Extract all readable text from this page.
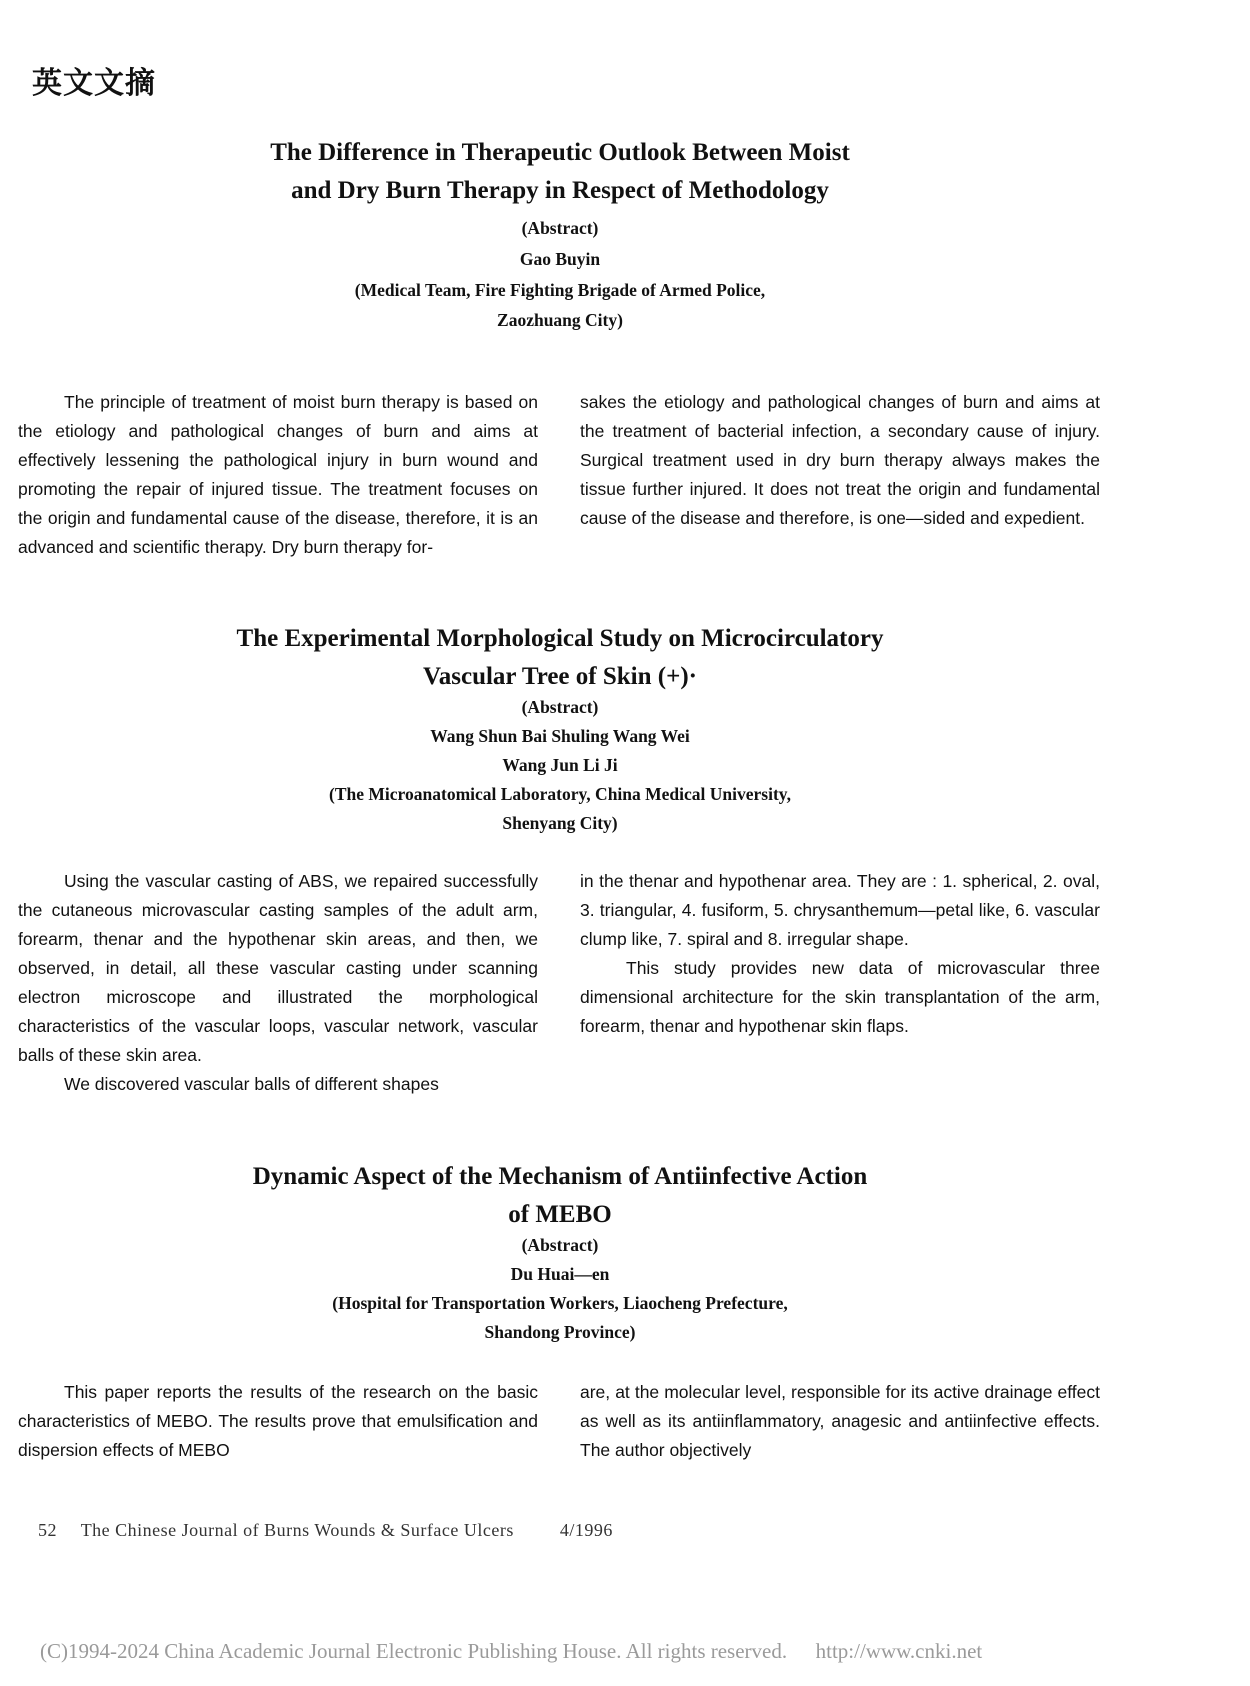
英文文摘
The Difference in Therapeutic Outlook Between Moist
and Dry Burn Therapy in Respect of Methodology
(Abstract)
Gao Buyin
(Medical Team, Fire Fighting Brigade of Armed Police,
Zaozhuang City)

The principle of treatment of moist burn therapy is based on the etiology and pathological changes of burn and aims at effectively lessening the pathological injury in burn wound and promoting the repair of injured tissue. The treatment focuses on the origin and fundamental cause of the disease, therefore, it is an advanced and scientific therapy. Dry burn therapy for-

sakes the etiology and pathological changes of burn and aims at the treatment of bacterial infection, a secondary cause of injury. Surgical treatment used in dry burn therapy always makes the tissue further injured. It does not treat the origin and fundamental cause of the disease and therefore, is one—sided and expedient.

The Experimental Morphological Study on Microcirculatory
Vascular Tree of Skin (+)·
(Abstract)
Wang Shun Bai Shuling Wang Wei
Wang Jun Li Ji
(The Microanatomical Laboratory, China Medical University,
Shenyang City)

Using the vascular casting of ABS, we repaired successfully the cutaneous microvascular casting samples of the adult arm, forearm, thenar and the hypothenar skin areas, and then, we observed, in detail, all these vascular casting under scanning electron microscope and illustrated the morphological characteristics of the vascular loops, vascular network, vascular balls of these skin area.

We discovered vascular balls of different shapes

in the thenar and hypothenar area. They are : 1. spherical, 2. oval, 3. triangular, 4. fusiform, 5. chrysanthemum—petal like, 6. vascular clump like, 7. spiral and 8. irregular shape.

This study provides new data of microvascular three dimensional architecture for the skin transplantation of the arm, forearm, thenar and hypothenar skin flaps.

Dynamic Aspect of the Mechanism of Antiinfective Action
of MEBO
(Abstract)
Du Huai—en
(Hospital for Transportation Workers, Liaocheng Prefecture,
Shandong Province)

This paper reports the results of the research on the basic characteristics of MEBO. The results prove that emulsification and dispersion effects of MEBO

are, at the molecular level, responsible for its active drainage effect as well as its antiinflammatory, anagesic and antiinfective effects. The author objectively

52 The Chinese Journal of Burns Wounds & Surface Ulcers	4/1996
(C)1994-2024 China Academic Journal Electronic Publishing House. All rights reserved. http://www.cnki.net
